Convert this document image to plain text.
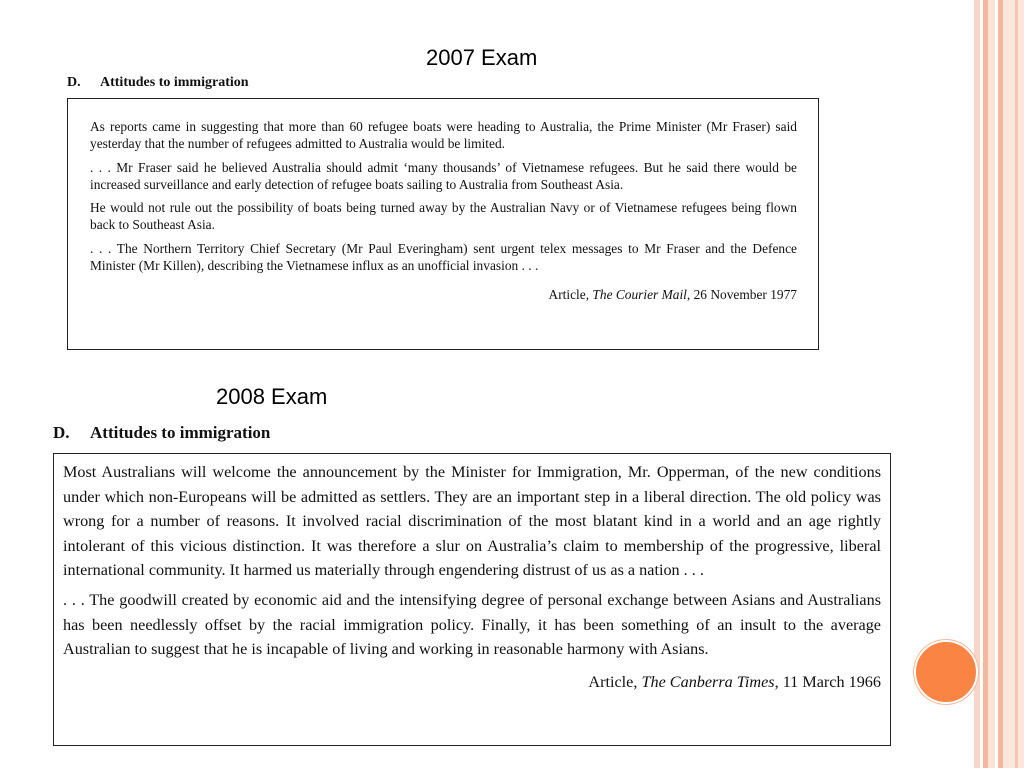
2007 Exam
D. Attitudes to immigration

As reports came in suggesting that more than 60 refugee boats were heading to Australia, the Prime Minister (Mr Fraser) said yesterday that the number of refugees admitted to Australia would be limited.

. . . Mr Fraser said he believed Australia should admit ‘many thousands’ of Vietnamese refugees. But he said there would be increased surveillance and early detection of refugee boats sailing to Australia from Southeast Asia.

He would not rule out the possibility of boats being turned away by the Australian Navy or of Vietnamese refugees being flown back to Southeast Asia.

. . . The Northern Territory Chief Secretary (Mr Paul Everingham) sent urgent telex messages to Mr Fraser and the Defence Minister (Mr Killen), describing the Vietnamese influx as an unofficial invasion . . .

Article, The Courier Mail, 26 November 1977

2008 Exam
D. Attitudes to immigration

Most Australians will welcome the announcement by the Minister for Immigration, Mr. Opperman, of the new conditions under which non-Europeans will be admitted as settlers. They are an important step in a liberal direction. The old policy was wrong for a number of reasons. It involved racial discrimination of the most blatant kind in a world and an age rightly intolerant of this vicious distinction. It was therefore a slur on Australia’s claim to membership of the progressive, liberal international community. It harmed us materially through engendering distrust of us as a nation . . .

. . . The goodwill created by economic aid and the intensifying degree of personal exchange between Asians and Australians has been needlessly offset by the racial immigration policy. Finally, it has been something of an insult to the average Australian to suggest that he is incapable of living and working in reasonable harmony with Asians.

Article, The Canberra Times, 11 March 1966
